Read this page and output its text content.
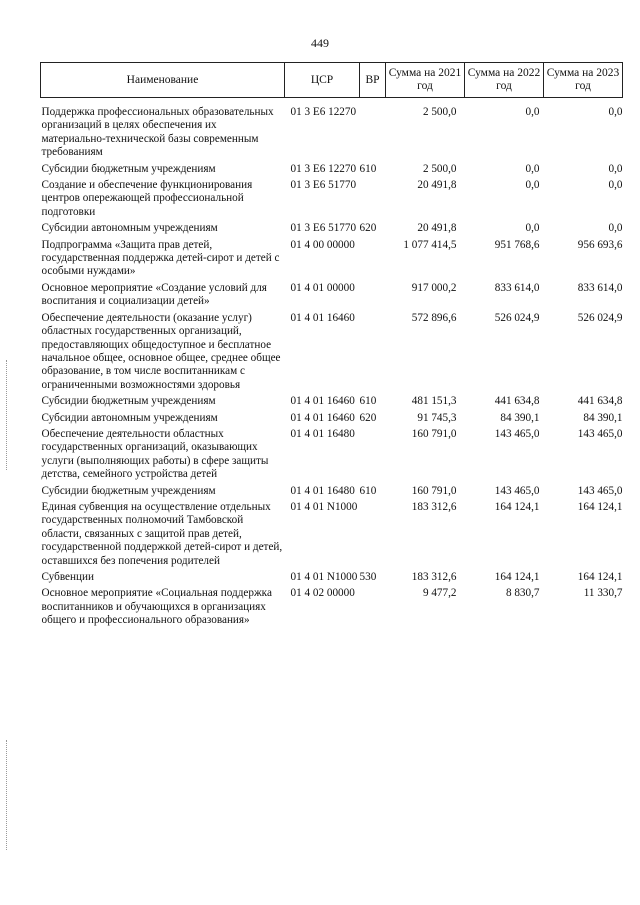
449
Наименование	ЦСР	ВР	Сумма на 2021 год	Сумма на 2022 год	Сумма на 2023 год
Поддержка профессиональных образовательных организаций в целях обеспечения их материально-технической базы современным требованиям	01 3 Е6 12270		2 500,0	0,0	0,0
Субсидии бюджетным учреждениям	01 3 Е6 12270	610	2 500,0	0,0	0,0
Создание и обеспечение функционирования центров опережающей профессиональной подготовки	01 3 Е6 51770		20 491,8	0,0	0,0
Субсидии автономным учреждениям	01 3 Е6 51770	620	20 491,8	0,0	0,0
Подпрограмма «Защита прав детей, государственная поддержка детей-сирот и детей с особыми нуждами»	01 4 00 00000		1 077 414,5	951 768,6	956 693,6
Основное мероприятие «Создание условий для воспитания и социализации детей»	01 4 01 00000		917 000,2	833 614,0	833 614,0
Обеспечение деятельности (оказание услуг) областных государственных организаций, предоставляющих общедоступное и бесплатное начальное общее, основное общее, среднее общее образование, в том числе воспитанникам с ограниченными возможностями здоровья	01 4 01 16460		572 896,6	526 024,9	526 024,9
Субсидии бюджетным учреждениям	01 4 01 16460	610	481 151,3	441 634,8	441 634,8
Субсидии автономным учреждениям	01 4 01 16460	620	91 745,3	84 390,1	84 390,1
Обеспечение деятельности областных государственных организаций, оказывающих услуги (выполняющих работы) в сфере защиты детства, семейного устройства детей	01 4 01 16480		160 791,0	143 465,0	143 465,0
Субсидии бюджетным учреждениям	01 4 01 16480	610	160 791,0	143 465,0	143 465,0
Единая субвенция на осуществление отдельных государственных полномочий Тамбовской области, связанных с защитой прав детей, государственной поддержкой детей-сирот и детей, оставшихся без попечения родителей	01 4 01 N1000		183 312,6	164 124,1	164 124,1
Субвенции	01 4 01 N1000	530	183 312,6	164 124,1	164 124,1
Основное мероприятие «Социальная поддержка воспитанников и обучающихся в организациях общего и профессионального образования»	01 4 02 00000		9 477,2	8 830,7	11 330,7
